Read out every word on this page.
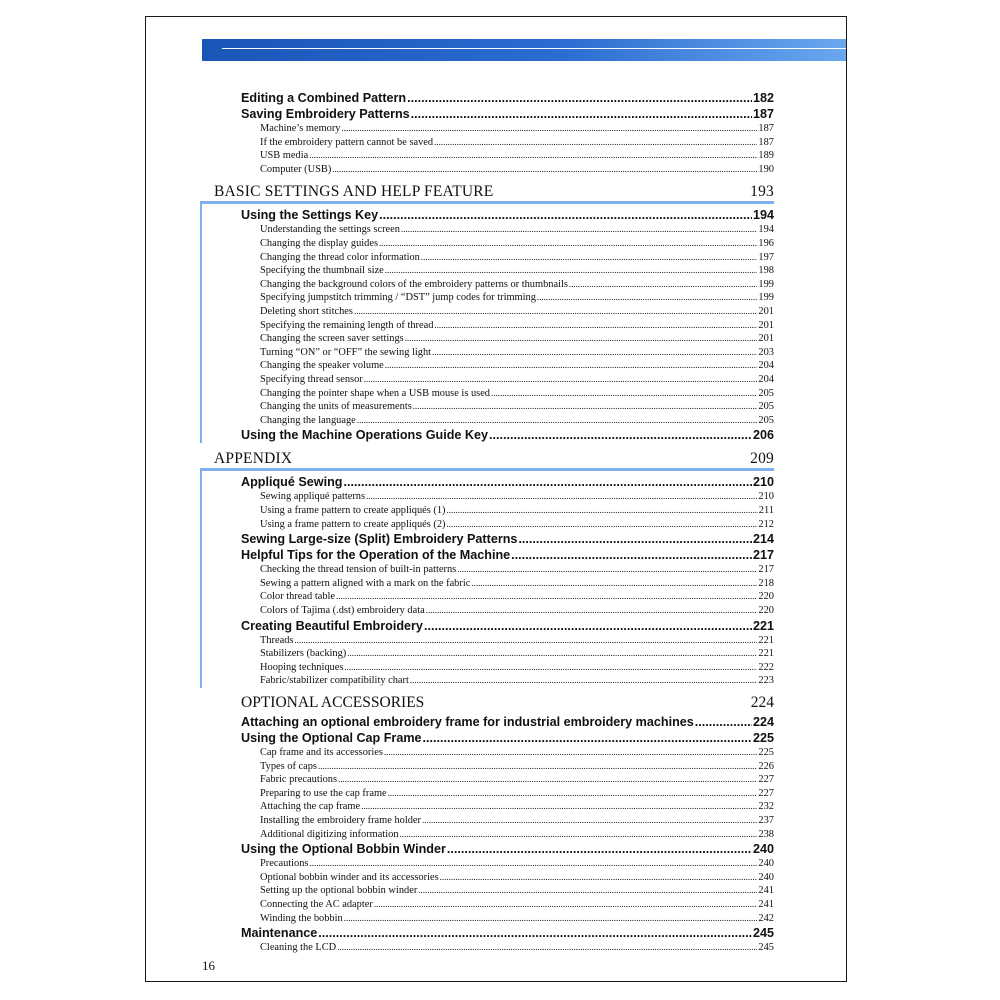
Editing a Combined Pattern .....	182
Saving Embroidery Patterns .....	187
Machine’s memory .....	187
If the embroidery pattern cannot be saved .....	187
USB media .....	189
Computer (USB) .....	190
BASIC SETTINGS AND HELP FEATURE	193
Using the Settings Key .....	194
Understanding the settings screen .....	194
Changing the display guides .....	196
Changing the thread color information .....	197
Specifying the thumbnail size .....	198
Changing the background colors of the embroidery patterns or thumbnails .....	199
Specifying jumpstitch trimming / “DST” jump codes for trimming .....	199
Deleting short stitches .....	201
Specifying the remaining length of thread .....	201
Changing the screen saver settings .....	201
Turning “ON” or “OFF” the sewing light .....	203
Changing the speaker volume .....	204
Specifying thread sensor .....	204
Changing the pointer shape when a USB mouse is used .....	205
Changing the units of measurements .....	205
Changing the language .....	205
Using the Machine Operations Guide Key .....	206
APPENDIX	209
Appliqué Sewing .....	210
Sewing appliqué patterns .....	210
Using a frame pattern to create appliqués (1) .....	211
Using a frame pattern to create appliqués (2) .....	212
Sewing Large-size (Split) Embroidery Patterns .....	214
Helpful Tips for the Operation of the Machine .....	217
Checking the thread tension of built-in patterns .....	217
Sewing a pattern aligned with a mark on the fabric .....	218
Color thread table .....	220
Colors of Tajima (.dst) embroidery data .....	220
Creating Beautiful Embroidery .....	221
Threads .....	221
Stabilizers (backing) .....	221
Hooping techniques .....	222
Fabric/stabilizer compatibility chart .....	223
OPTIONAL ACCESSORIES	224
Attaching an optional embroidery frame for industrial embroidery machines .....	224
Using the Optional Cap Frame .....	225
Cap frame and its accessories .....	225
Types of caps .....	226
Fabric precautions .....	227
Preparing to use the cap frame .....	227
Attaching the cap frame .....	232
Installing the embroidery frame holder .....	237
Additional digitizing information .....	238
Using the Optional Bobbin Winder .....	240
Precautions .....	240
Optional bobbin winder and its accessories .....	240
Setting up the optional bobbin winder .....	241
Connecting the AC adapter .....	241
Winding the bobbin .....	242
Maintenance .....	245
Cleaning the LCD .....	245
16
